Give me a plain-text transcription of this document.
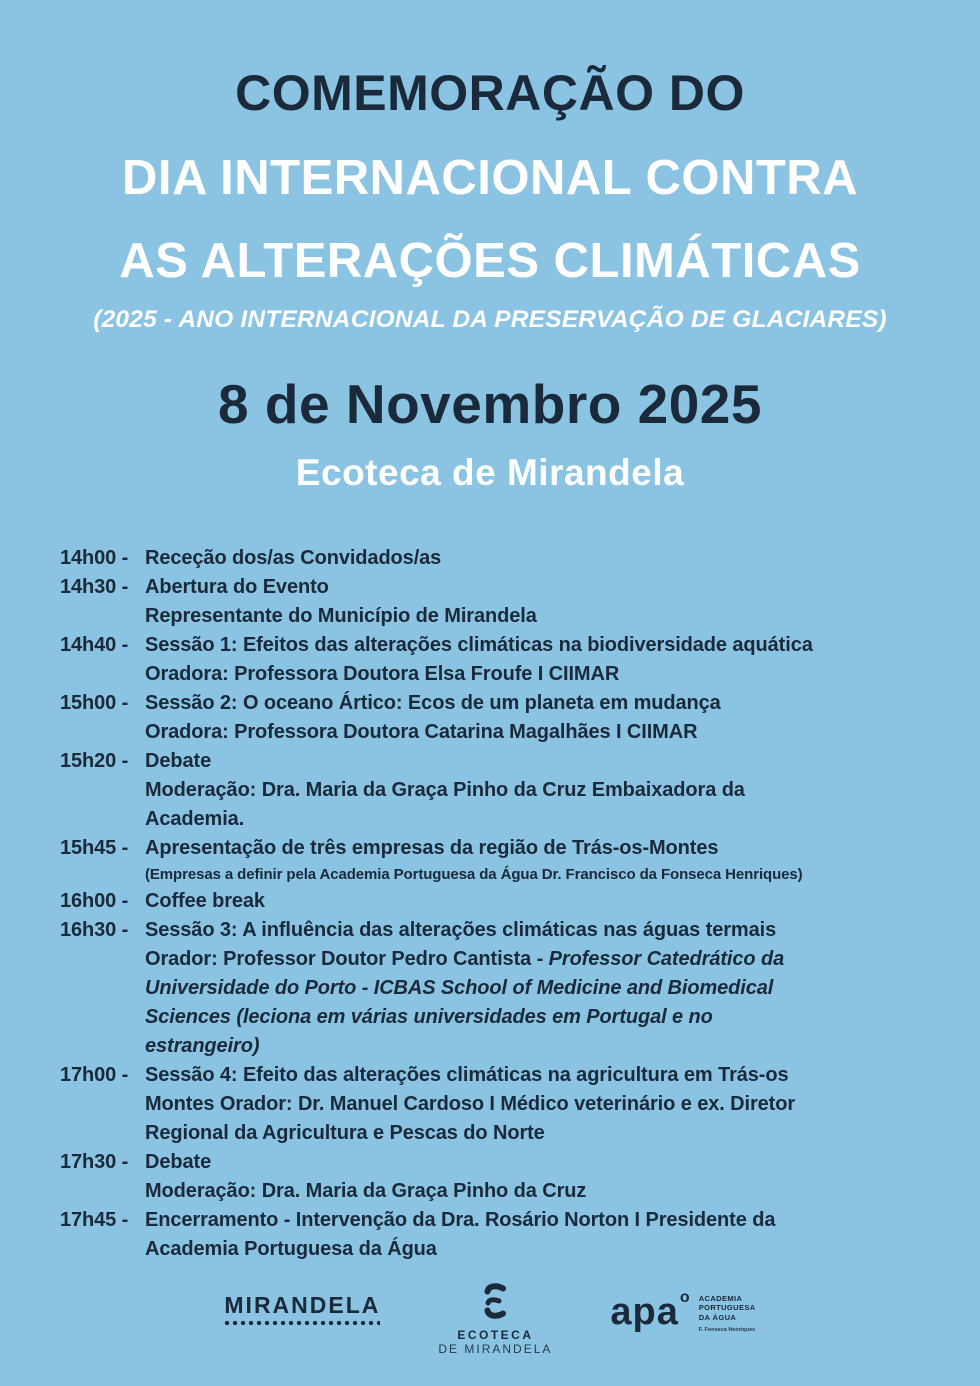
COMEMORAÇÃO DO
DIA INTERNACIONAL CONTRA
AS ALTERAÇÕES CLIMÁTICAS
(2025 - ANO INTERNACIONAL DA PRESERVAÇÃO DE GLACIARES)
8 de Novembro 2025
Ecoteca de Mirandela
14h00 - Receção dos/as Convidados/as
14h30 - Abertura do Evento
Representante do Município de Mirandela
14h40 - Sessão 1: Efeitos das alterações climáticas na biodiversidade aquática
Oradora: Professora Doutora Elsa Froufe I CIIMAR
15h00 - Sessão 2: O oceano Ártico: Ecos de um planeta em mudança
Oradora: Professora Doutora Catarina Magalhães I CIIMAR
15h20 - Debate
Moderação: Dra. Maria da Graça Pinho da Cruz Embaixadora da
Academia.
15h45 - Apresentação de três empresas da região de Trás-os-Montes
(Empresas a definir pela Academia Portuguesa da Água Dr. Francisco da Fonseca Henriques)
16h00 - Coffee break
16h30 - Sessão 3: A influência das alterações climáticas nas águas termais
Orador: Professor Doutor Pedro Cantista - Professor Catedrático da
Universidade do Porto - ICBAS School of Medicine and Biomedical
Sciences (leciona em várias universidades em Portugal e no
estrangeiro)
17h00 - Sessão 4: Efeito das alterações climáticas na agricultura em Trás-os
Montes Orador: Dr. Manuel Cardoso I Médico veterinário e ex. Diretor
Regional da Agricultura e Pescas do Norte
17h30 - Debate
Moderação: Dra. Maria da Graça Pinho da Cruz
17h45 - Encerramento - Intervenção da Dra. Rosário Norton I Presidente da
Academia Portuguesa da Água
MIRANDELA
ECOTECA
DE MIRANDELA
apa$^o$ ACADEMIA
PORTUGUESA
DA ÁGUA
F. Fonseca Henriques
